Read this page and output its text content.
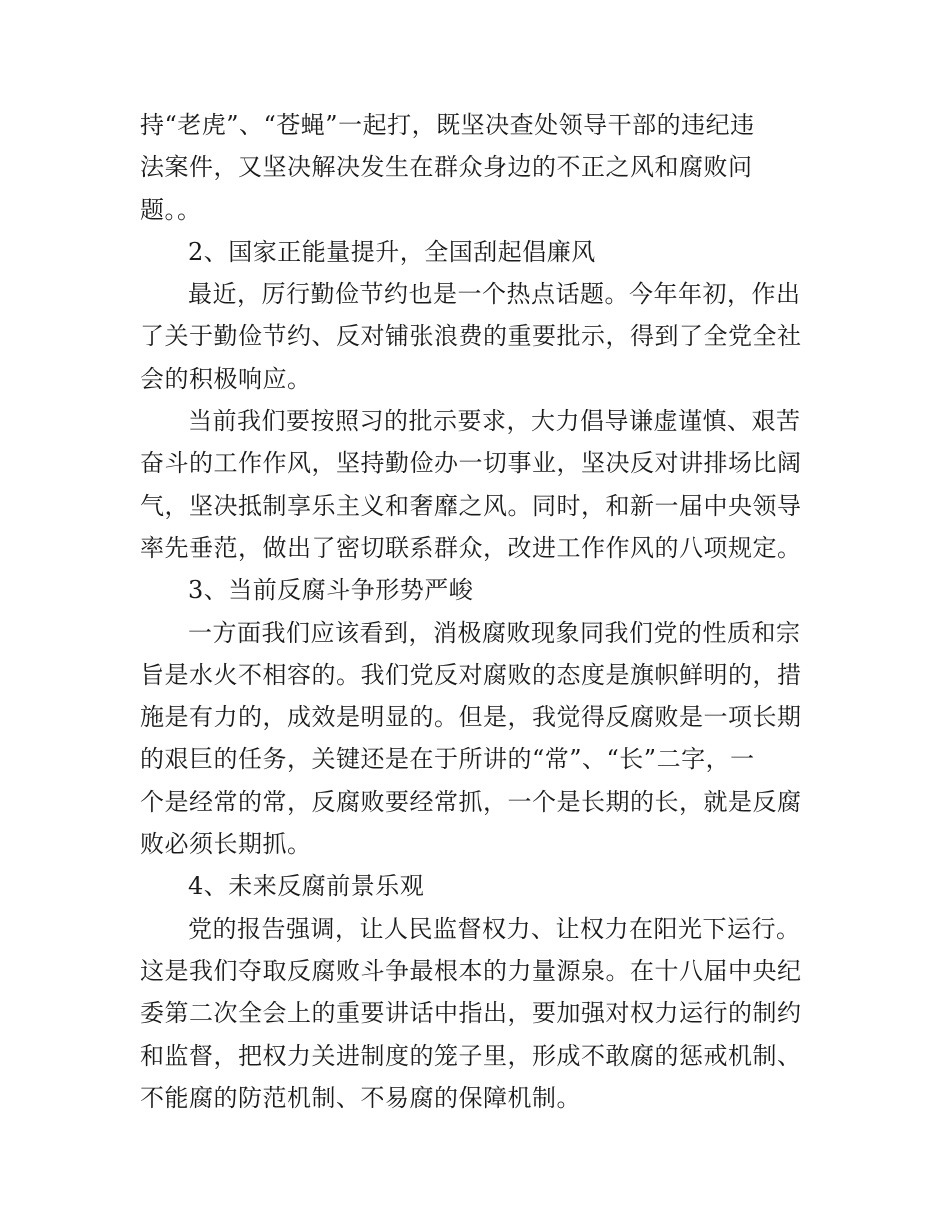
持“老虎”、“苍蝇”一起打，既坚决查处领导干部的违纪违
法案件，又坚决解决发生在群众身边的不正之风和腐败问
题。。
2、国家正能量提升，全国刮起倡廉风
最近，厉行勤俭节约也是一个热点话题。今年年初，作出
了关于勤俭节约、反对铺张浪费的重要批示，得到了全党全社
会的积极响应。
当前我们要按照习的批示要求，大力倡导谦虚谨慎、艰苦
奋斗的工作作风，坚持勤俭办一切事业，坚决反对讲排场比阔
气，坚决抵制享乐主义和奢靡之风。同时，和新一届中央领导
率先垂范，做出了密切联系群众，改进工作作风的八项规定。
3、当前反腐斗争形势严峻
一方面我们应该看到，消极腐败现象同我们党的性质和宗
旨是水火不相容的。我们党反对腐败的态度是旗帜鲜明的，措
施是有力的，成效是明显的。但是，我觉得反腐败是一项长期
的艰巨的任务，关键还是在于所讲的“常”、“长”二字，一
个是经常的常，反腐败要经常抓，一个是长期的长，就是反腐
败必须长期抓。
4、未来反腐前景乐观
党的报告强调，让人民监督权力、让权力在阳光下运行。
这是我们夺取反腐败斗争最根本的力量源泉。在十八届中央纪
委第二次全会上的重要讲话中指出，要加强对权力运行的制约
和监督，把权力关进制度的笼子里，形成不敢腐的惩戒机制、
不能腐的防范机制、不易腐的保障机制。
